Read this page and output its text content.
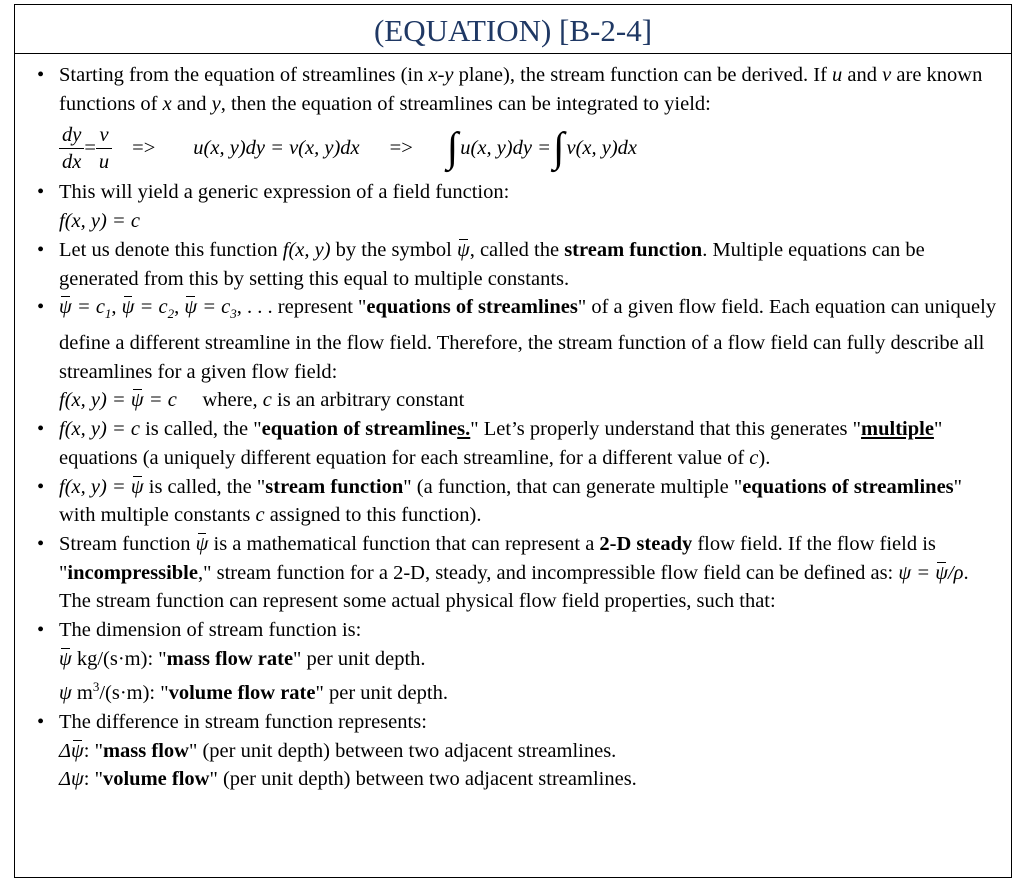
(EQUATION) [B-2-4]
• Starting from the equation of streamlines (in x-y plane), the stream function can be derived. If u and v are known functions of x and y, then the equation of streamlines can be integrated to yield:
$\frac{dy}{dx} = \frac{v}{u} => u(x$, y)dy = v(x, y)dx => ∫ u(x, y)dy = ∫ v(x, y)dx
• This will yield a generic expression of a field function:
f(x, y) = c
• Let us denote this function f(x, y) by the symbol ψ, called the stream function. Multiple equations can be generated from this by setting this equal to multiple constants.
• $\psi = c_1$, $\psi = c_2$, $\psi = c_3$, . . . represent "equations of streamlines" of a given flow field. Each equation can uniquely define a different streamline in the flow field. Therefore, the stream function of a flow field can fully describe all streamlines for a given flow field:
f(x, y) = ψ = c     where, c is an arbitrary constant
• f(x, y) = c is called, the "equation of streamlines." Let’s properly understand that this generates "multiple" equations (a uniquely different equation for each streamline, for a different value of c).
• f(x, y) = ψ is called, the "stream function" (a function, that can generate multiple "equations of streamlines" with multiple constants c assigned to this function).
• Stream function ψ is a mathematical function that can represent a 2-D steady flow field. If the flow field is "incompressible," stream function for a 2-D, steady, and incompressible flow field can be defined as: ψ = ψ/ρ. The stream function can represent some actual physical flow field properties, such that:
• The dimension of stream function is:
ψ kg/(s·m): "mass flow rate" per unit depth.
ψ $m^3/(s\cdot m)$: "volume flow rate" per unit depth.
• The difference in stream function represents:
Δψ: "mass flow" (per unit depth) between two adjacent streamlines.
Δψ: "volume flow" (per unit depth) between two adjacent streamlines.
